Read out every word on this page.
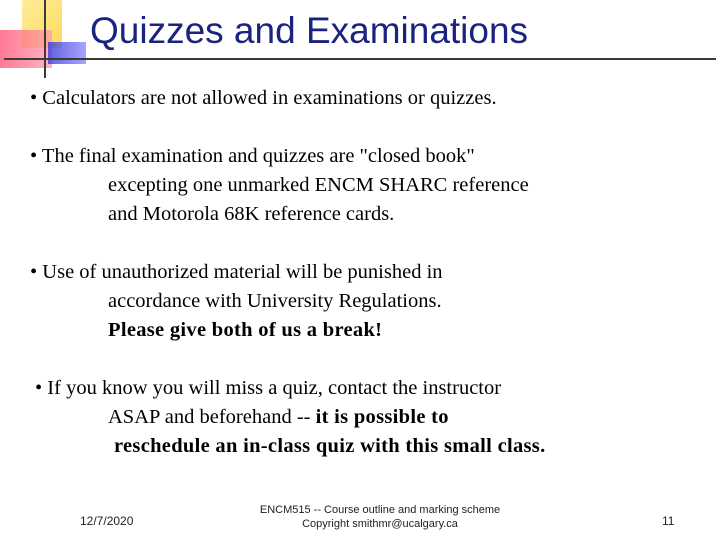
Quizzes and Examinations
• Calculators are not allowed in examinations or quizzes.
• The final examination and quizzes are "closed book"
excepting one unmarked ENCM SHARC reference
and Motorola 68K reference cards.
• Use of unauthorized material will be punished in
accordance with University Regulations.
Please give both of us a break!
• If you know you will miss a quiz, contact the instructor
ASAP and beforehand -- it is possible to
reschedule an in-class quiz with this small class.
12/7/2020
ENCM515 -- Course outline and marking scheme
Copyright smithmr@ucalgary.ca	11
